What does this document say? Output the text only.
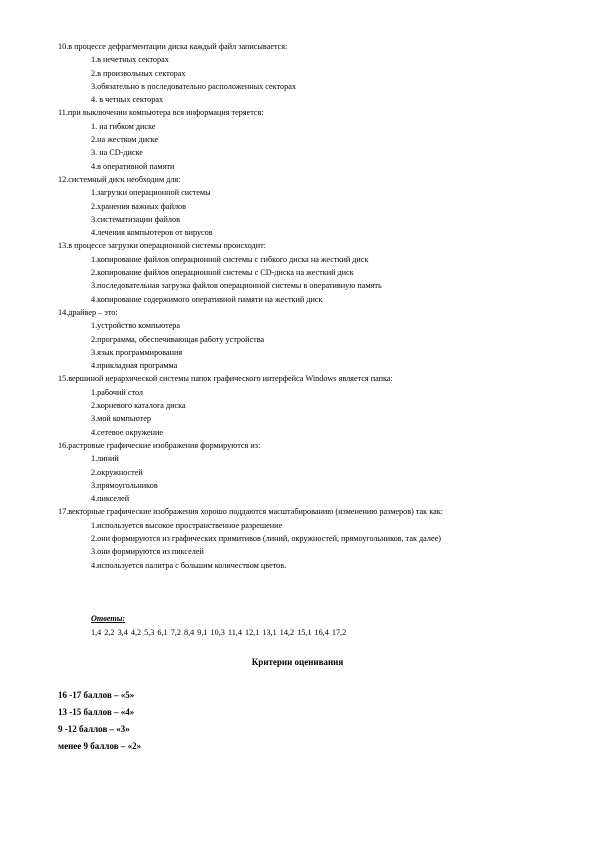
10.в процессе дефрагментации диска каждый файл записывается:
1.в нечетных секторах
2.в произвольных секторах
3.обязательно в последовательно расположенных секторах
4. в четных секторах
11.при выключении компьютера вся информация теряется:
1. на гибком диске
2.на жестком диске
3. на CD-диске
4.в оперативной памяти
12.системный диск необходим для:
1.загрузки операционной системы
2.хранения важных файлов
3.систематизации файлов
4.лечения компьютеров от вирусов
13.в процессе загрузки операционной системы происходит:
1.копирование файлов операционной системы с гибкого диска на жесткий диск
2.копирование файлов операционной системы с CD-диска на жесткий диск
3.последовательная загрузка файлов операционной системы в оперативную память
4.копирование содержимого оперативной памяти на жесткий диск
14.драйвер – это:
1.устройство компьютера
2.программа, обеспечивающая работу устройства
3.язык программирования
4.прикладная программа
15.вершиной иерархической системы папок графического интерфейса Windows является папка:
1.рабочий стол
2.корневого каталога диска
3.мой компьютер
4.сетевое окружение
16.растровые графические изображения формируются из:
1.линий
2.окружностей
3.прямоугольников
4.пикселей
17.векторные графические изображения хорошо поддаются масштабированию (изменению размеров) так как:
1.используется высокое пространственное разрешение
2.они формируются из графических примитивов (линий, окружностей, прямоугольников, так далее)
3.они формируются из пикселей
4.используется палитра с большим количеством цветов.
Ответы:
1,4 2,2 3,4 4,2 5,3 6,1 7,2 8,4 9,1 10,3 11,4 12,1 13,1 14,2 15,1 16,4 17,2
Критерии оценивания
16 -17 баллов – «5»
13 -15 баллов – «4»
9 -12 баллов – «3»
менее 9 баллов – «2»
